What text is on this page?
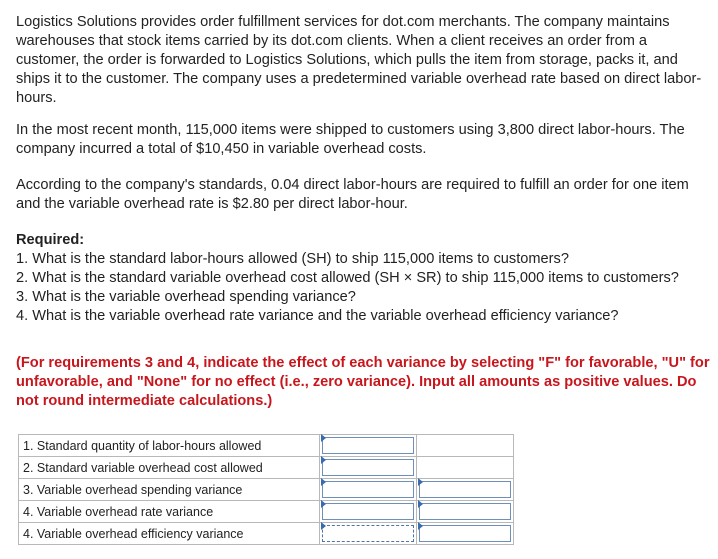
Logistics Solutions provides order fulfillment services for dot.com merchants. The company maintains warehouses that stock items carried by its dot.com clients. When a client receives an order from a customer, the order is forwarded to Logistics Solutions, which pulls the item from storage, packs it, and ships it to the customer. The company uses a predetermined variable overhead rate based on direct labor-hours.

In the most recent month, 115,000 items were shipped to customers using 3,800 direct labor-hours. The company incurred a total of $10,450 in variable overhead costs.

According to the company's standards, 0.04 direct labor-hours are required to fulfill an order for one item and the variable overhead rate is $2.80 per direct labor-hour.

Required:
1. What is the standard labor-hours allowed (SH) to ship 115,000 items to customers?
2. What is the standard variable overhead cost allowed (SH × SR) to ship 115,000 items to customers?
3. What is the variable overhead spending variance?
4. What is the variable overhead rate variance and the variable overhead efficiency variance?
(For requirements 3 and 4, indicate the effect of each variance by selecting "F" for favorable, "U" for unfavorable, and "None" for no effect (i.e., zero variance). Input all amounts as positive values. Do not round intermediate calculations.)
1. Standard quantity of labor-hours allowed	

2. Standard variable overhead cost allowed	

3. Variable overhead spending variance	

4. Variable overhead rate variance	

4. Variable overhead efficiency variance	
